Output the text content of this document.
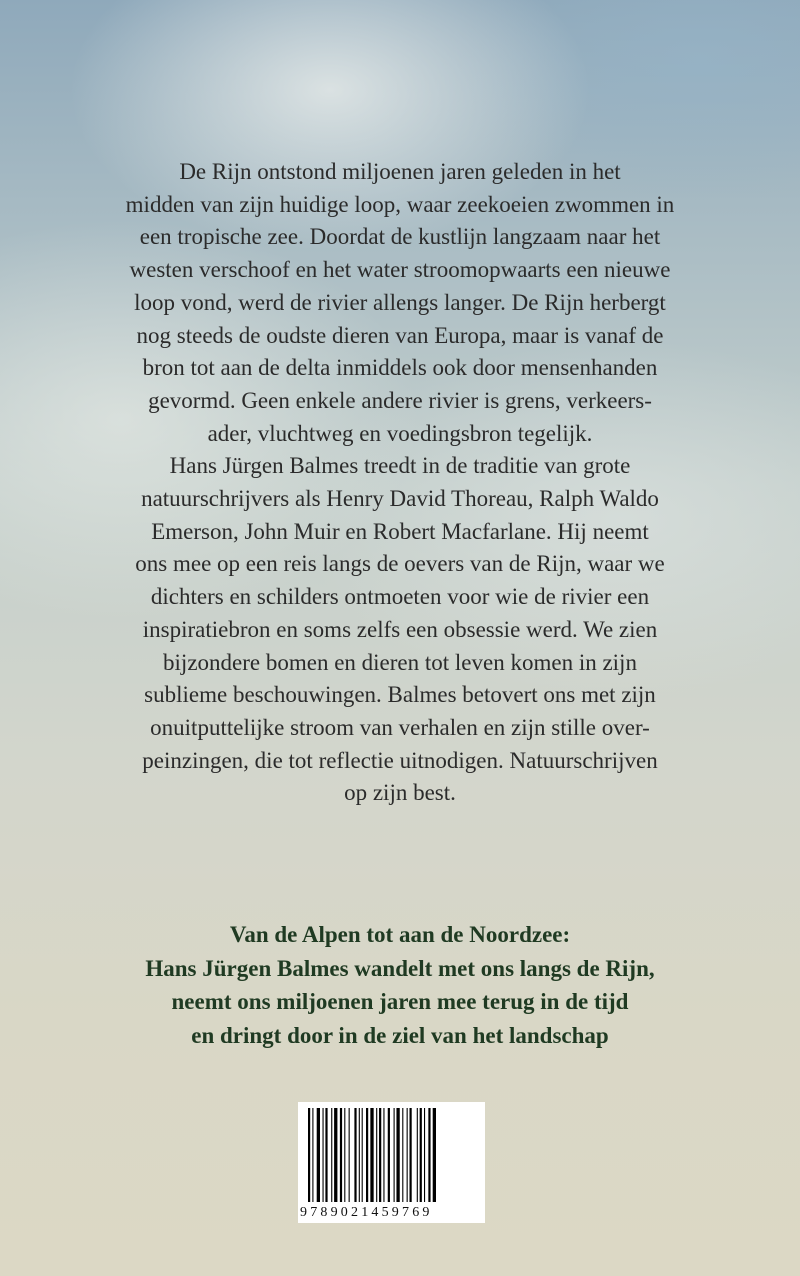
De Rijn ontstond miljoenen jaren geleden in het
midden van zijn huidige loop, waar zeekoeien zwommen in
een tropische zee. Doordat de kustlijn langzaam naar het
westen verschoof en het water stroomopwaarts een nieuwe
loop vond, werd de rivier allengs langer. De Rijn herbergt
nog steeds de oudste dieren van Europa, maar is vanaf de
bron tot aan de delta inmiddels ook door mensenhanden
gevormd. Geen enkele andere rivier is grens, verkeers-
ader, vluchtweg en voedingsbron tegelijk.
Hans Jürgen Balmes treedt in de traditie van grote
natuurschrijvers als Henry David Thoreau, Ralph Waldo
Emerson, John Muir en Robert Macfarlane. Hij neemt
ons mee op een reis langs de oevers van de Rijn, waar we
dichters en schilders ontmoeten voor wie de rivier een
inspiratiebron en soms zelfs een obsessie werd. We zien
bijzondere bomen en dieren tot leven komen in zijn
sublieme beschouwingen. Balmes betovert ons met zijn
onuitputtelijke stroom van verhalen en zijn stille over-
peinzingen, die tot reflectie uitnodigen. Natuurschrijven
op zijn best.
Van de Alpen tot aan de Noordzee:
Hans Jürgen Balmes wandelt met ons langs de Rijn,
neemt ons miljoenen jaren mee terug in de tijd
en dringt door in de ziel van het landschap
9789021459769
